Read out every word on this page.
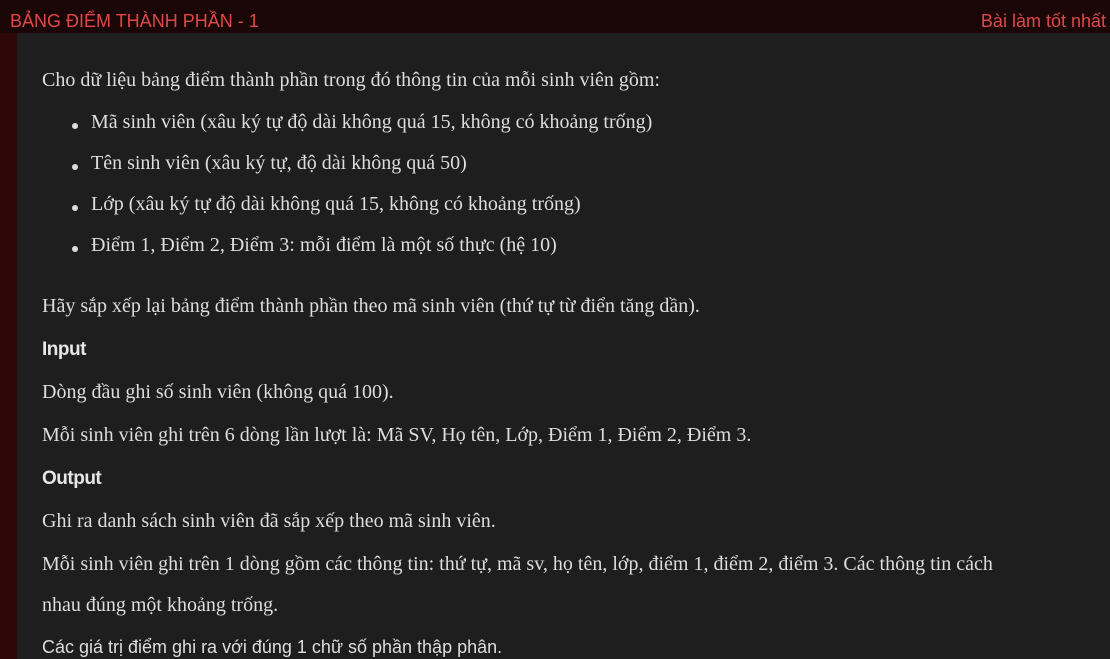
BẢNG ĐIỂM THÀNH PHẦN - 1	Bài làm tốt nhất
Cho dữ liệu bảng điểm thành phần trong đó thông tin của mỗi sinh viên gồm:
Mã sinh viên (xâu ký tự độ dài không quá 15, không có khoảng trống)
Tên sinh viên (xâu ký tự, độ dài không quá 50)
Lớp (xâu ký tự độ dài không quá 15, không có khoảng trống)
Điểm 1, Điểm 2, Điểm 3: mỗi điểm là một số thực (hệ 10)
Hãy sắp xếp lại bảng điểm thành phần theo mã sinh viên (thứ tự từ điển tăng dần).
Input
Dòng đầu ghi số sinh viên (không quá 100).
Mỗi sinh viên ghi trên 6 dòng lần lượt là: Mã SV, Họ tên, Lớp, Điểm 1, Điểm 2, Điểm 3.
Output
Ghi ra danh sách sinh viên đã sắp xếp theo mã sinh viên.
Mỗi sinh viên ghi trên 1 dòng gồm các thông tin: thứ tự, mã sv, họ tên, lớp, điểm 1, điểm 2, điểm 3. Các thông tin cách
nhau đúng một khoảng trống.
Các giá trị điểm ghi ra với đúng 1 chữ số phần thập phân.
